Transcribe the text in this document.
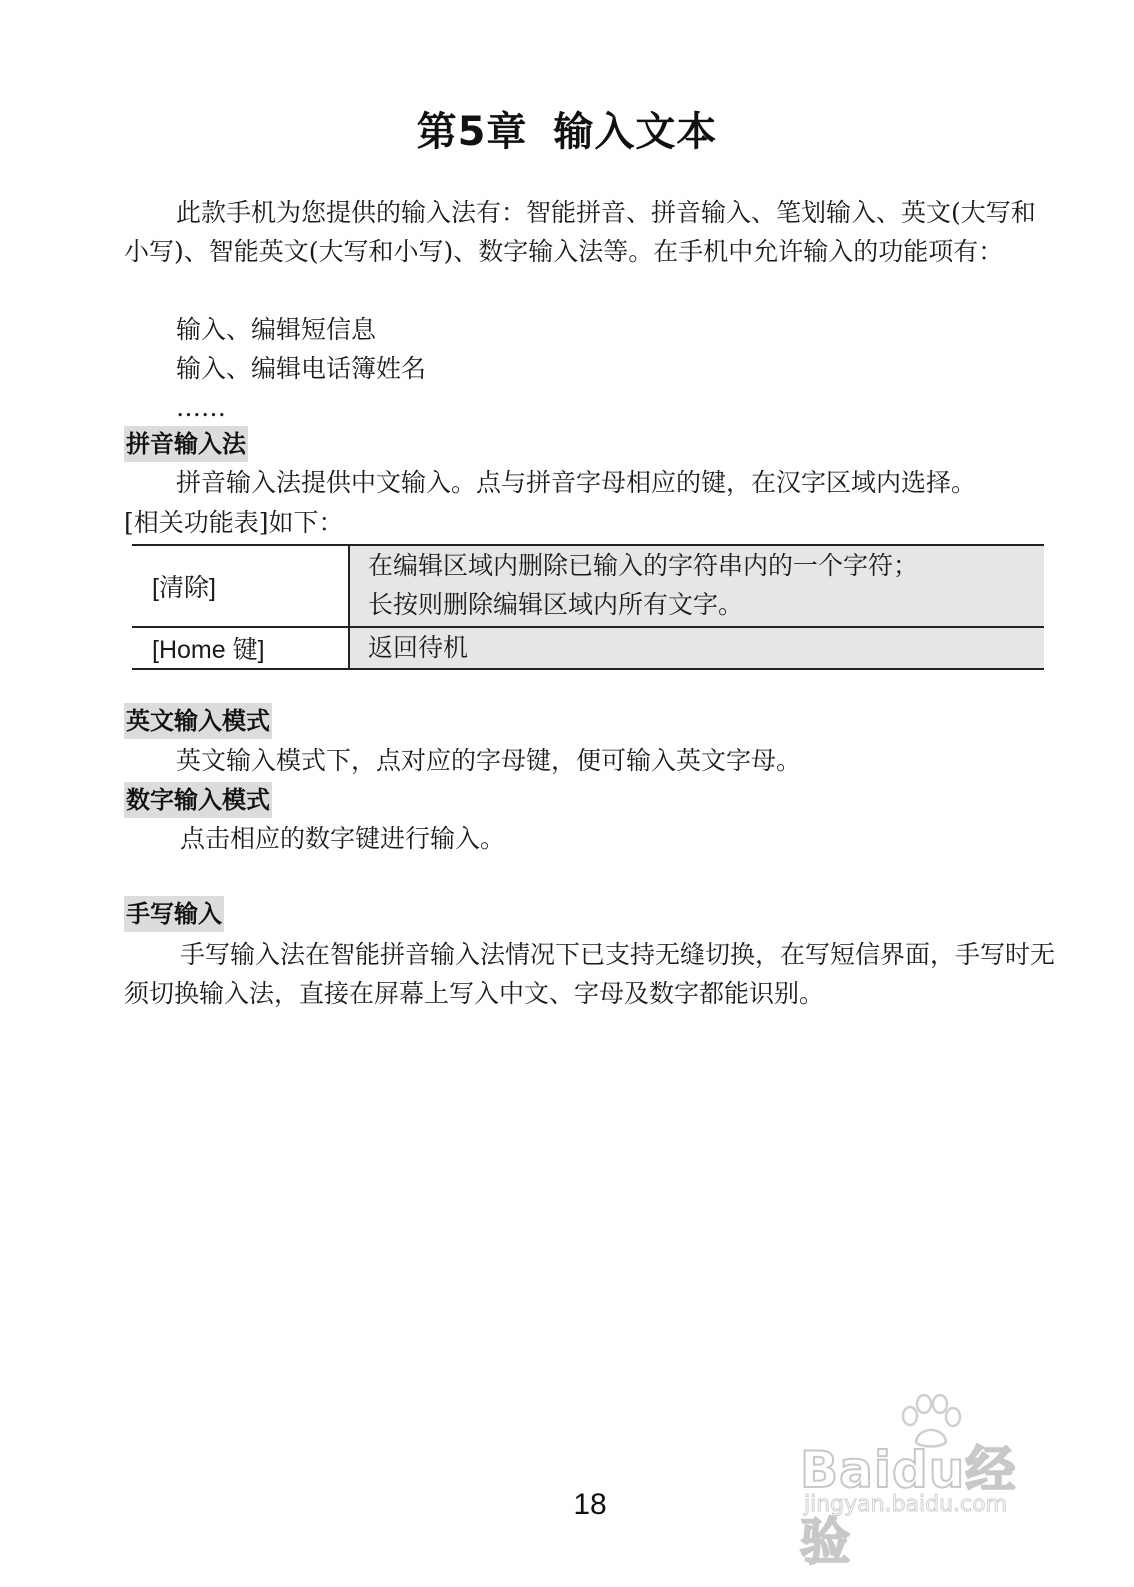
第5章 输入文本
此款手机为您提供的输入法有：智能拼音、拼音输入、笔划输入、英文(大写和小写)、智能英文(大写和小写)、数字输入法等。在手机中允许输入的功能项有：
输入、编辑短信息
输入、编辑电话簿姓名
……
拼音输入法
拼音输入法提供中文输入。点与拼音字母相应的键，在汉字区域内选择。
[相关功能表]如下：
[清除]	在编辑区域内删除已输入的字符串内的一个字符；
长按则删除编辑区域内所有文字。

[Home 键]	返回待机
英文输入模式
英文输入模式下，点对应的字母键，便可输入英文字母。
数字输入模式
点击相应的数字键进行输入。
手写输入
手写输入法在智能拼音输入法情况下已支持无缝切换，在写短信界面，手写时无须切换输入法，直接在屏幕上写入中文、字母及数字都能识别。
18
Baidu经验
jingyan.baidu.com
